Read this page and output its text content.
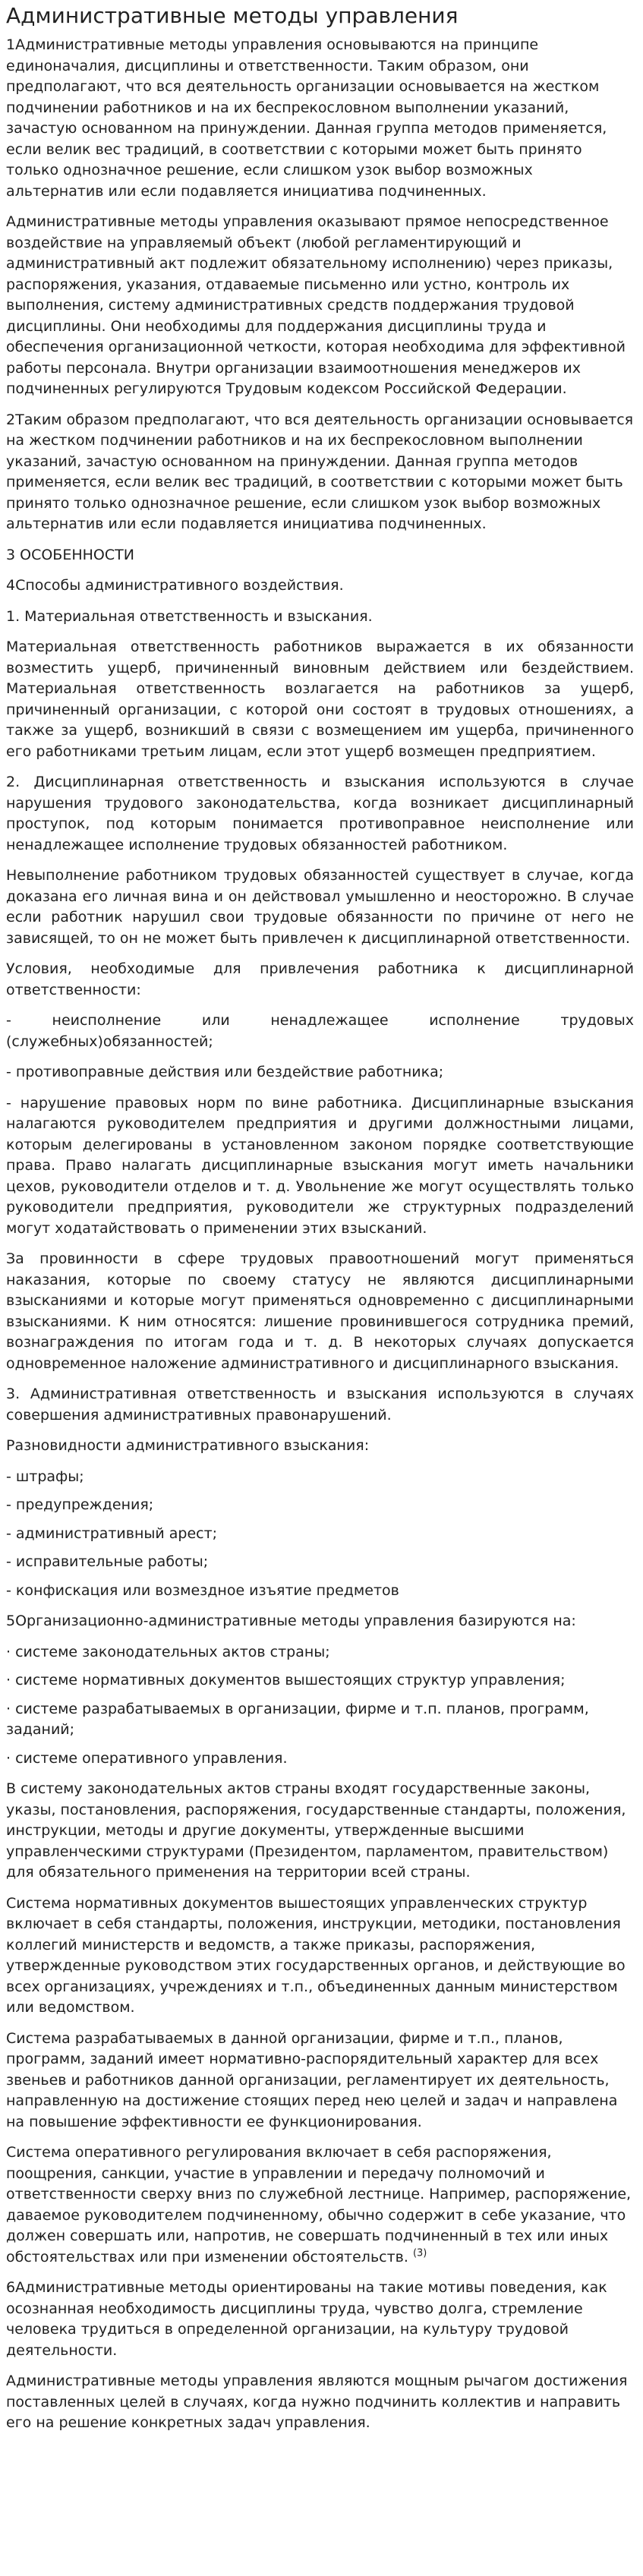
Административные методы управления

1Административные методы управления основываются на принципе единоначалия, дисциплины и ответственности. Таким образом, они предполагают, что вся деятельность организации основывается на жестком подчинении работников и на их беспрекословном выполнении указаний, зачастую основанном на принуждении. Данная группа методов применяется, если велик вес традиций, в соответствии с которыми может быть принято только однозначное решение, если слишком узок выбор возможных альтернатив или если подавляется инициатива подчиненных.

Административные методы управления оказывают прямое непосредственное воздействие на управляемый объект (любой регламентирующий и административный акт подлежит обязательному исполнению) через приказы, распоряжения, указания, отдаваемые письменно или устно, контроль их выполнения, систему административных средств поддержания трудовой дисциплины. Они необходимы для поддержания дисциплины труда и обеспечения организационной четкости, которая необходима для эффективной работы персонала. Внутри организации взаимоотношения менеджеров их подчиненных регулируются Трудовым кодексом Российской Федерации.

2Таким образом предполагают, что вся деятельность организации основывается на жестком подчинении работников и на их беспрекословном выполнении указаний, зачастую основанном на принуждении. Данная группа методов применяется, если велик вес традиций, в соответствии с которыми может быть принято только однозначное решение, если слишком узок выбор возможных альтернатив или если подавляется инициатива подчиненных.

3 ОСОБЕННОСТИ

4Способы административного воздействия.

1. Материальная ответственность и взыскания.

Материальная ответственность работников выражается в их обязанности возместить ущерб, причиненный виновным действием или бездействием. Материальная ответственность возлагается на работников за ущерб, причиненный организации, с которой они состоят в трудовых отношениях, а также за ущерб, возникший в связи с возмещением им ущерба, причиненного его работниками третьим лицам, если этот ущерб возмещен предприятием.

2. Дисциплинарная ответственность и взыскания используются в случае нарушения трудового законодательства, когда возникает дисциплинарный проступок, под которым понимается противоправное неисполнение или ненадлежащее исполнение трудовых обязанностей работником.

Невыполнение работником трудовых обязанностей существует в случае, когда доказана его личная вина и он действовал умышленно и неосторожно. В случае если работник нарушил свои трудовые обязанности по причине от него не зависящей, то он не может быть привлечен к дисциплинарной ответственности.

Условия, необходимые для привлечения работника к дисциплинарной ответственности:

- неисполнение или ненадлежащее исполнение трудовых (служебных)обязанностей;

- противоправные действия или бездействие работника;

- нарушение правовых норм по вине работника. Дисциплинарные взыскания налагаются руководителем предприятия и другими должностными лицами, которым делегированы в установленном законом порядке соответствующие права. Право налагать дисциплинарные взыскания могут иметь начальники цехов, руководители отделов и т. д. Увольнение же могут осуществлять только руководители предприятия, руководители же структурных подразделений могут ходатайствовать о применении этих взысканий.

За провинности в сфере трудовых правоотношений могут применяться наказания, которые по своему статусу не являются дисциплинарными взысканиями и которые могут применяться одновременно с дисциплинарными взысканиями. К ним относятся: лишение провинившегося сотрудника премий, вознаграждения по итогам года и т. д. В некоторых случаях допускается одновременное наложение административного и дисциплинарного взыскания.

3. Административная ответственность и взыскания используются в случаях совершения административных правонарушений.

Разновидности административного взыскания:

- штрафы;

- предупреждения;

- административный арест;

- исправительные работы;

- конфискация или возмездное изъятие предметов

5Организационно-административные методы управления базируются на:

· системе законодательных актов страны;

· системе нормативных документов вышестоящих структур управления;

· системе разрабатываемых в организации, фирме и т.п. планов, программ, заданий;

· системе оперативного управления.

В систему законодательных актов страны входят государственные законы, указы, постановления, распоряжения, государственные стандарты, положения, инструкции, методы и другие документы, утвержденные высшими управленческими структурами (Президентом, парламентом, правительством) для обязательного применения на территории всей страны.

Система нормативных документов вышестоящих управленческих структур включает в себя стандарты, положения, инструкции, методики, постановления коллегий министерств и ведомств, а также приказы, распоряжения, утвержденные руководством этих государственных органов, и действующие во всех организациях, учреждениях и т.п., объединенных данным министерством или ведомством.

Система разрабатываемых в данной организации, фирме и т.п., планов, программ, заданий имеет нормативно-распорядительный характер для всех звеньев и работников данной организации, регламентирует их деятельность, направленную на достижение стоящих перед нею целей и задач и направлена на повышение эффективности ее функционирования.

Система оперативного регулирования включает в себя распоряжения, поощрения, санкции, участие в управлении и передачу полномочий и ответственности сверху вниз по служебной лестнице. Например, распоряжение, даваемое руководителем подчиненному, обычно содержит в себе указание, что должен совершать или, напротив, не совершать подчиненный в тех или иных обстоятельствах или при изменении обстоятельств. $^{(3)}$

6Административные методы ориентированы на такие мотивы поведения, как осознанная необходимость дисциплины труда, чувство долга, стремление человека трудиться в определенной организации, на культуру трудовой деятельности.

Административные методы управления являются мощным рычагом достижения поставленных целей в случаях, когда нужно подчинить коллектив и направить его на решение конкретных задач управления.
